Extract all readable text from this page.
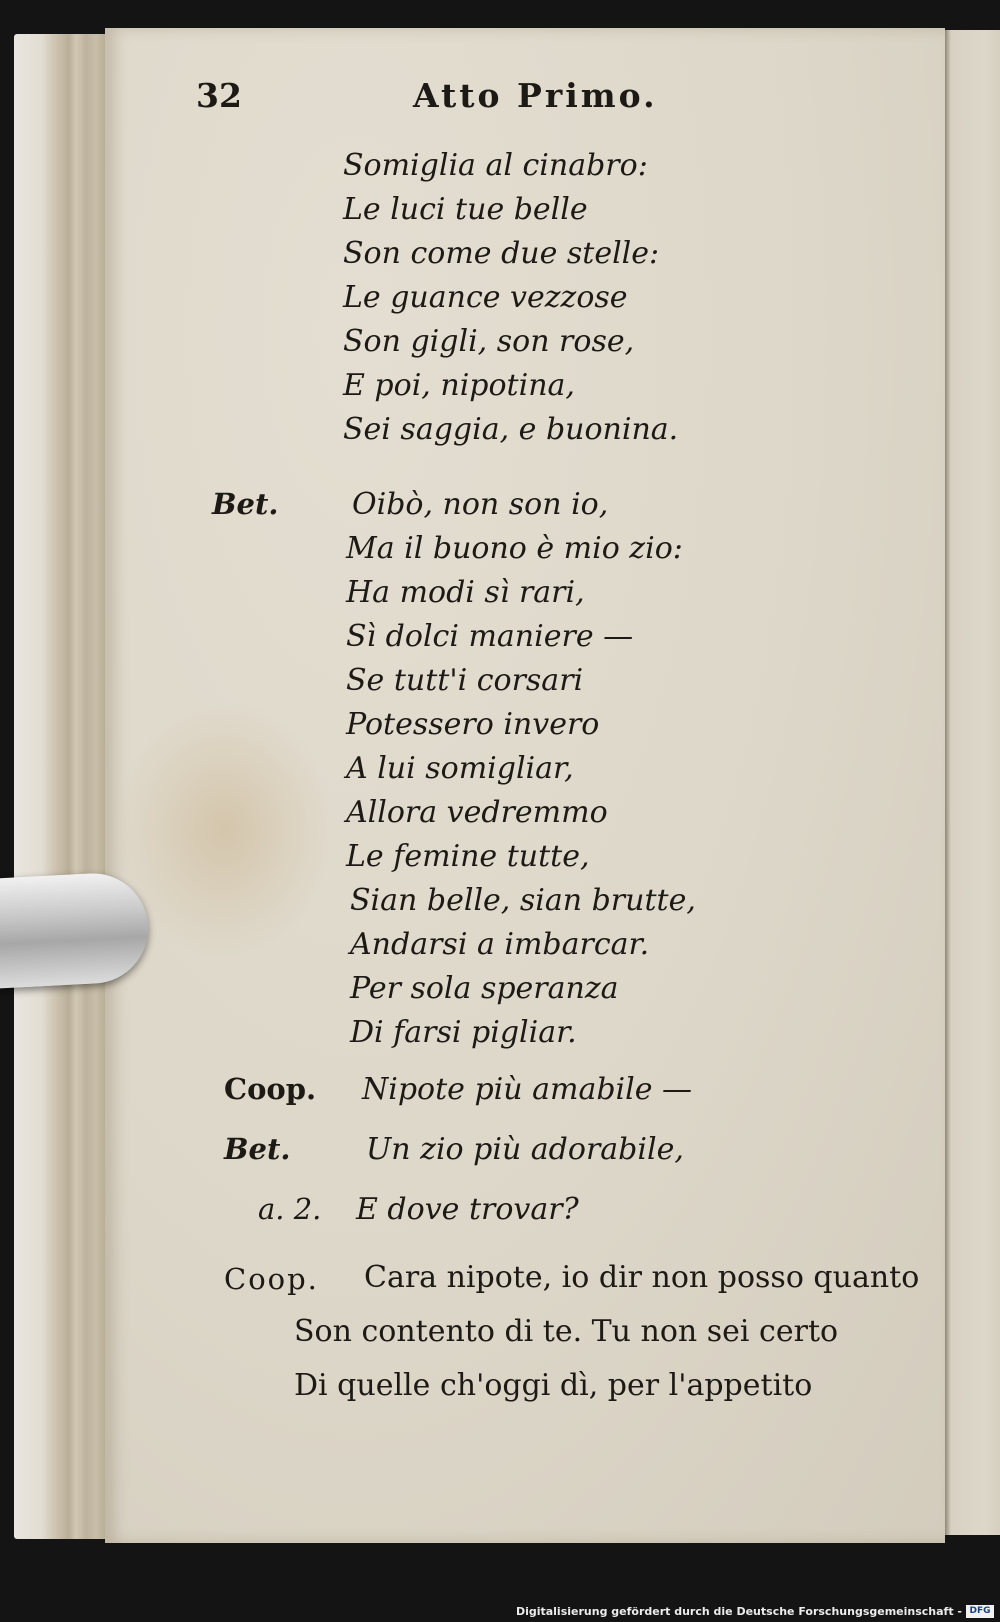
32	Atto Primo.
Somiglia al cinabro:
Le luci tue belle
Son come due stelle:
Le guance vezzose
Son gigli, son rose,
E poi, nipotina,
Sei saggia, e buonina.
Bet. Oibò, non son io,
Ma il buono è mio zio:
Ha modi sì rari,
Sì dolci maniere —
Se tutt'i corsari
Potessero invero
A lui somigliar,
Allora vedremmo
Le femine tutte,
Sian belle, sian brutte,
Andarsi a imbarcar.
Per sola speranza
Di farsi pigliar.
Coop. Nipote più amabile —
Bet.	Un zio più adorabile,
a. 2. E dove trovar?
Coop. Cara nipote, io dir non posso quanto
Son contento di te. Tu non sei certo
Di quelle ch'oggi dì, per l'appetito
Digitalisierung gefördert durch die Deutsche Forschungsgemeinschaft - DFG
